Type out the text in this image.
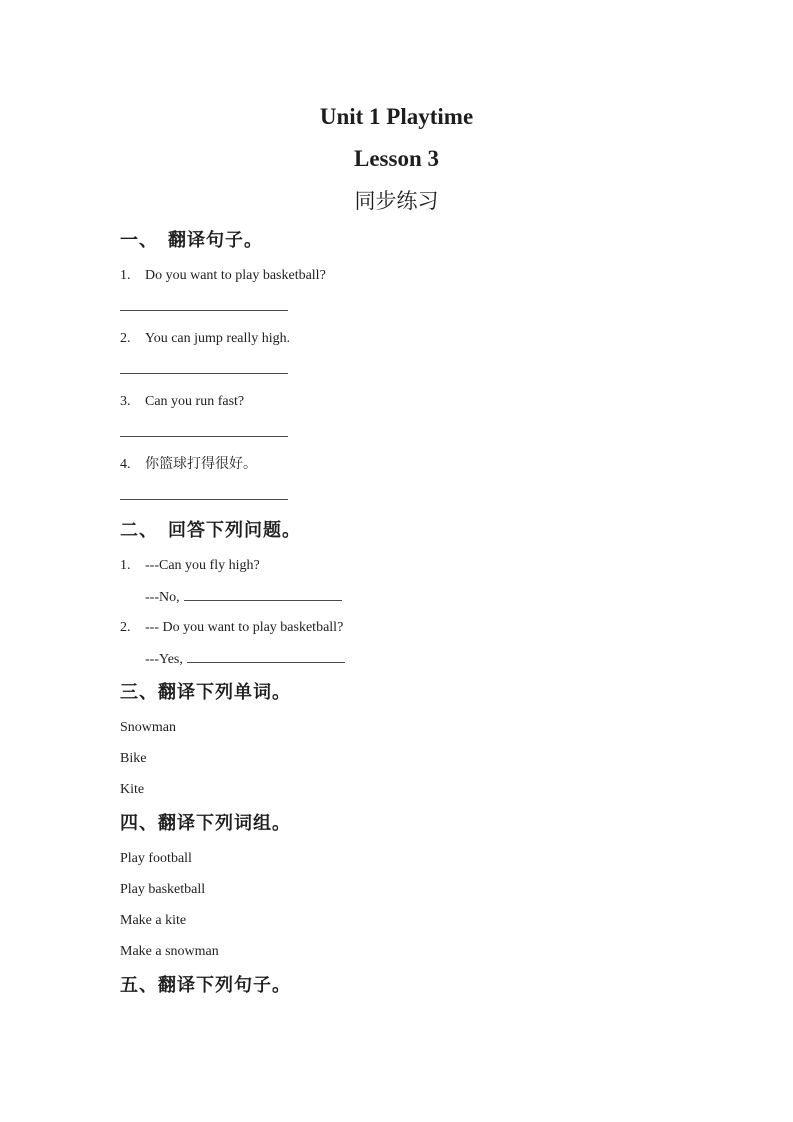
Unit 1 Playtime
Lesson 3
同步练习
一、　翻译句子。
1.	Do you want to play basketball?
2.	You can jump really high.
3.	Can you run fast?
4.	你篮球打得很好。
二、　回答下列问题。
1.	---Can you fly high?
---No,
2.	--- Do you want to play basketball?
---Yes,
三、翻译下列单词。
Snowman
Bike
Kite
四、翻译下列词组。
Play football
Play basketball
Make a kite
Make a snowman
五、翻译下列句子。
